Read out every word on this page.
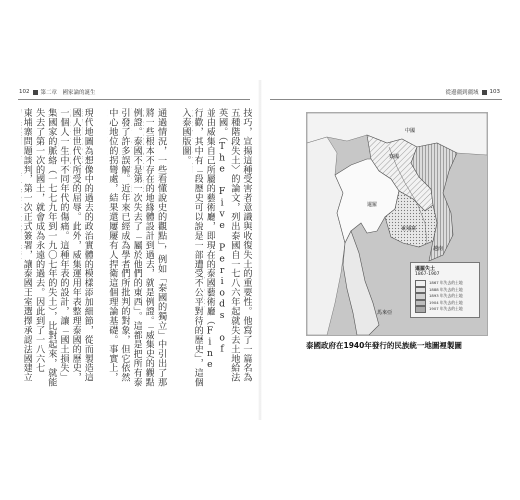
102 第二章　國家論的誕生	從邊疆到疆域 103
技巧，宣揚這種受害者意識與收復失土的重要性。他寫了一篇名為
五種階段失土〉的論文，列出泰國自一七八六年起就失去土地給法
英國。（The Five Periods of
並由威集自己所屬的藝術廳，即現在的泰國藝術廳（Fine
行歡，其中有「段歷史可以說是一部遭受不公平對待的歷史」，這個
入泰國版圖。

通過情況，一些看懂說史的觀點」，例如「泰國的獨立」中引出了那
將一些根本不存在的地緣體設計到過去，就是例證。「威集史的觀點
例證。泰國不是第一次失去了「屬於他們的東西」。這都是把所有泰
引發了許多誤解。近年來已經成為學者們所批判的對象，但它依然
中心地位的拐彎處，結果還屢屢有人捍衛這個理論基礎。事實上，

現代地圖為想像中的過去的政治實體的模樣添加細節，從而製造這
國人世世代代所受的屈辱。此外，威集運用年表整理泰國的歷史，
一個人一生中不同年代的傷痛。這種年表的設計，讓「國土損失」
集國家的脈絡（一七七九年到一九〇七年的失土），比對起來，就能
失去了第一次的國土，就會成為永遠的過去。因此到了一八六七
東埔寨問題談判，第一次正式簽署，讓泰國王室選擇承認法國建立
中國
寮國
暹羅
東埔寨
越南
馬來亞
暹羅失土
1867-1907
1867 年失去的土地
1888 年失去的土地
1893 年失去的土地
1904 年失去的土地
1907 年失去的土地
泰國政府在1940年發行的民族統一地圖裡製圖
